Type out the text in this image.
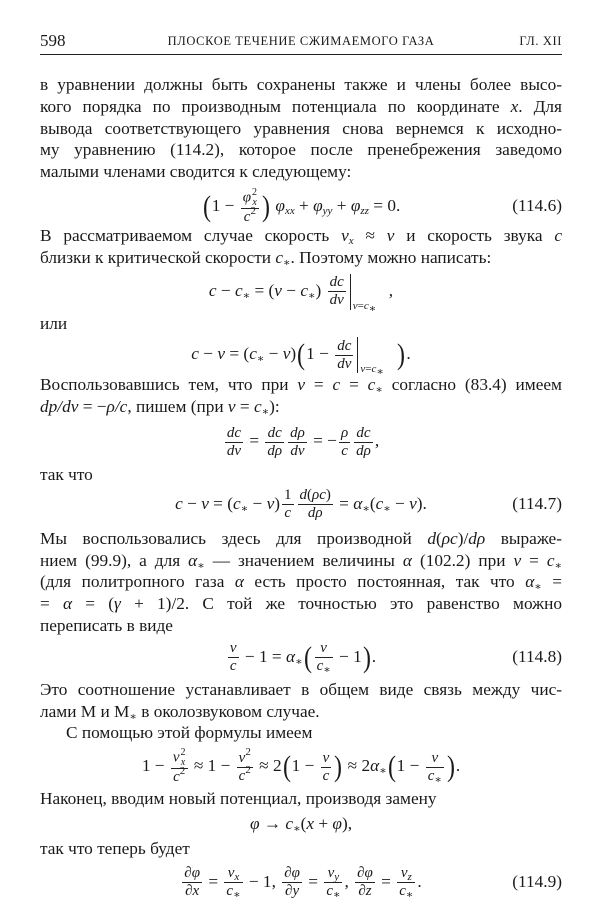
598	ПЛОСКОЕ ТЕЧЕНИЕ СЖИМАЕМОГО ГАЗА	ГЛ. XII
в уравнении должны быть сохранены также и члены более высо-
кого порядка по производным потенциала по координате x. Для
вывода соответствующего уравнения снова вернемся к исходно-
му уравнению (114.2), которое после пренебрежения заведомо
малыми членами сводится к следующему:
(1 − φ x
2
$c^2$ ) $\varphi_{xx} + \varphi_{yy} + \varphi_{zz} = 0$.	(114.6)
В рассматриваемом случае скорость $v_x \approx v$ и скорость звука c
близки к критической скорости $c_∗$. Поэтому можно написать:
$c - c_∗ = (v - c_∗) \frac{dc}{dv} v=c_∗$
,
или
$c - v = (c_∗ - v)(1 - \frac{dc}{dv} v=c_∗$
).
Воспользовавшись тем, что при $v = c = c_∗$ согласно (83.4) имеем
dp/dv = −ρ/c, пишем (при $v = c_∗$):
$\frac{dc}{dv} = \frac{dc}{d\rho} \frac{d\rho}{dv}$ = − $\frac{\rho}{c} \frac{dc}{d\rho}$ ,
так что
$c - v = (c_∗ - v) \frac{1}{c} \frac{d(\rho c)}{d\rho} = \alpha_∗(c_∗ - v)$.	(114.7)
Мы воспользовались здесь для производной d(ρc)/dρ выраже-
нием (99.9), а для $\alpha_∗$ — значением величины α (102.2) при $v = c_∗$
(для политропного газа α есть просто постоянная, так что $\alpha_∗$ =
= α = (γ + 1)/2. С той же точностью это равенство можно
переписать в виде
$\frac{v}{c} - 1 = \alpha_∗( \frac{v}{c_∗} - 1)$.	(114.8)
Это соотношение устанавливает в общем виде связь между чис-
лами M и $M_∗$ в околозвуковом случае.
С помощью этой формулы имеем
1 − v x
2
$c^2 \approx 1 - \frac{v^2}{c^2} \approx 2(1 - \frac{v}{c}$ ) ≈ $2\alpha_∗(1 - \frac{v}{c_∗}$ ).
Наконец, вводим новый потенциал, производя замену
$\varphi \to c_∗(x + \varphi)$,
так что теперь будет
$\frac{\partial\varphi}{\partial x} = \frac{v_x}{c_∗} - 1$, $\frac{\partial\varphi}{\partial y} = \frac{v_y}{c_∗}$ , $\frac{\partial\varphi}{\partial z} = \frac{v_z}{c_∗}$ .	(114.9)
